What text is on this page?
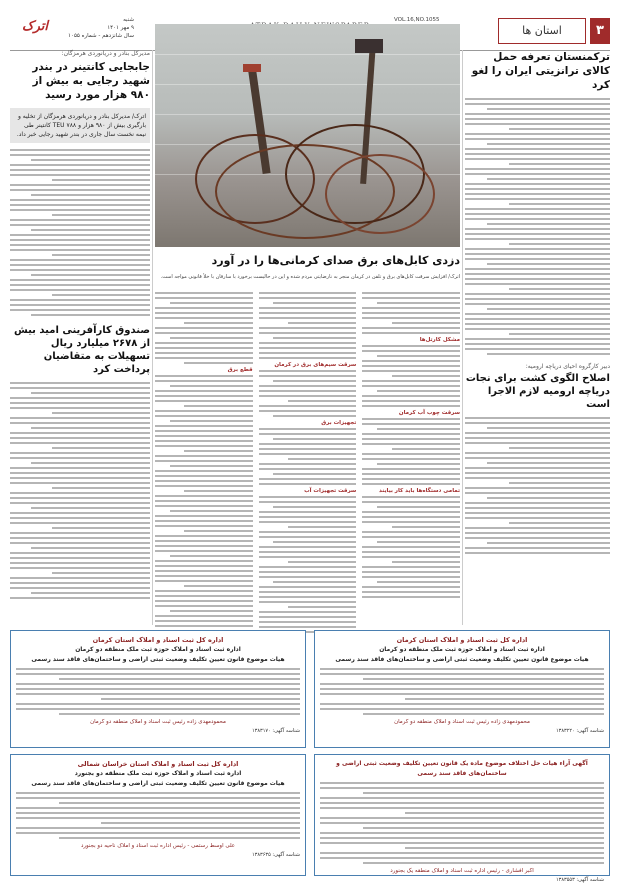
۳
استان ها
VOL.16,NO.1055
اترک	شنبه
۹ مهر ۱۴۰۱
سال شانزدهم - شماره ۱۰۵۵
ترکمنستان تعرفه حمل کالای ترانزیتی ایران را لغو کرد
دبیر کارگروه احیای دریاچه ارومیه:
اصلاح الگوی کشت برای نجات دریاچه ارومیه لازم الاجرا است
دزدی کابل‌های برق صدای کرمانی‌ها را در آورد
اترک/ افزایش سرقت کابل‌های برق و تلفن در کرمان منجر به نارضایتی مردم شده و این در حالیست برخورد با سارقان با خلأ قانونی مواجه است.
قطع برق
سرقت سیم‌های برق در کرمان
تجهیزات برق
سرقت تجهیزات آب
مشکل کارتل‌ها
سرقت چوب آب کرمان
تمامی دستگاه‌ها باید کار بیایند
مدیرکل بنادر و دریانوردی هرمزگان:
جابجایی کانتینر در بندر شهید رجایی به بیش از ۹۸۰ هزار مورد رسید
اترک/ مدیرکل بنادر و دریانوردی هرمزگان از تخلیه و بارگیری بیش از ۹۸۰ هزار و ۷۸۸ TEU کانتینر طی نیمه نخست سال جاری در بندر شهید رجایی خبر داد.
صندوق کارآفرینی امید بیش از ۲۶۷۸ میلیارد ریال تسهیلات به متقاضیان پرداخت کرد
اداره کل ثبت اسناد و املاک استان کرمان
اداره ثبت اسناد و املاک حوزه ثبت ملک منطقه دو کرمان
هیات موضوع قانون تعیین تکلیف وضعیت ثبتی اراضی و ساختمان‌های فاقد سند رسمی
محمودمهدی زاده رئیس ثبت اسناد و املاک منطقه دو کرمان
شناسه آگهی: ۱۳۸۳۲۲۰
اداره کل ثبت اسناد و املاک استان کرمان
اداره ثبت اسناد و املاک حوزه ثبت ملک منطقه دو کرمان
هیات موضوع قانون تعیین تکلیف وضعیت ثبتی اراضی و ساختمان‌های فاقد سند رسمی
محمودمهدی زاده رئیس ثبت اسناد و املاک منطقه دو کرمان
شناسه آگهی: ۱۳۸۳۱۷۰
آگهی آراء هیات حل اختلاف موضوع ماده یک قانون تعیین تکلیف وضعیت ثبتی اراضی و ساختمان‌های فاقد سند رسمی
اکبر افشاری - رئیس اداره ثبت اسناد و املاک منطقه یک بجنورد
شناسه آگهی: ۱۳۸۳۵۵۳
اداره کل ثبت اسناد و املاک استان خراسان شمالی
اداره ثبت اسناد و املاک حوزه ثبت ملک منطقه دو بجنورد
هیات موضوع قانون تعیین تکلیف وضعیت ثبتی اراضی و ساختمان‌های فاقد سند رسمی
علی اوسط رستمی - رئیس اداره ثبت اسناد و املاک ناحیه دو بجنورد
شناسه آگهی: ۱۳۸۳۶۳۵
